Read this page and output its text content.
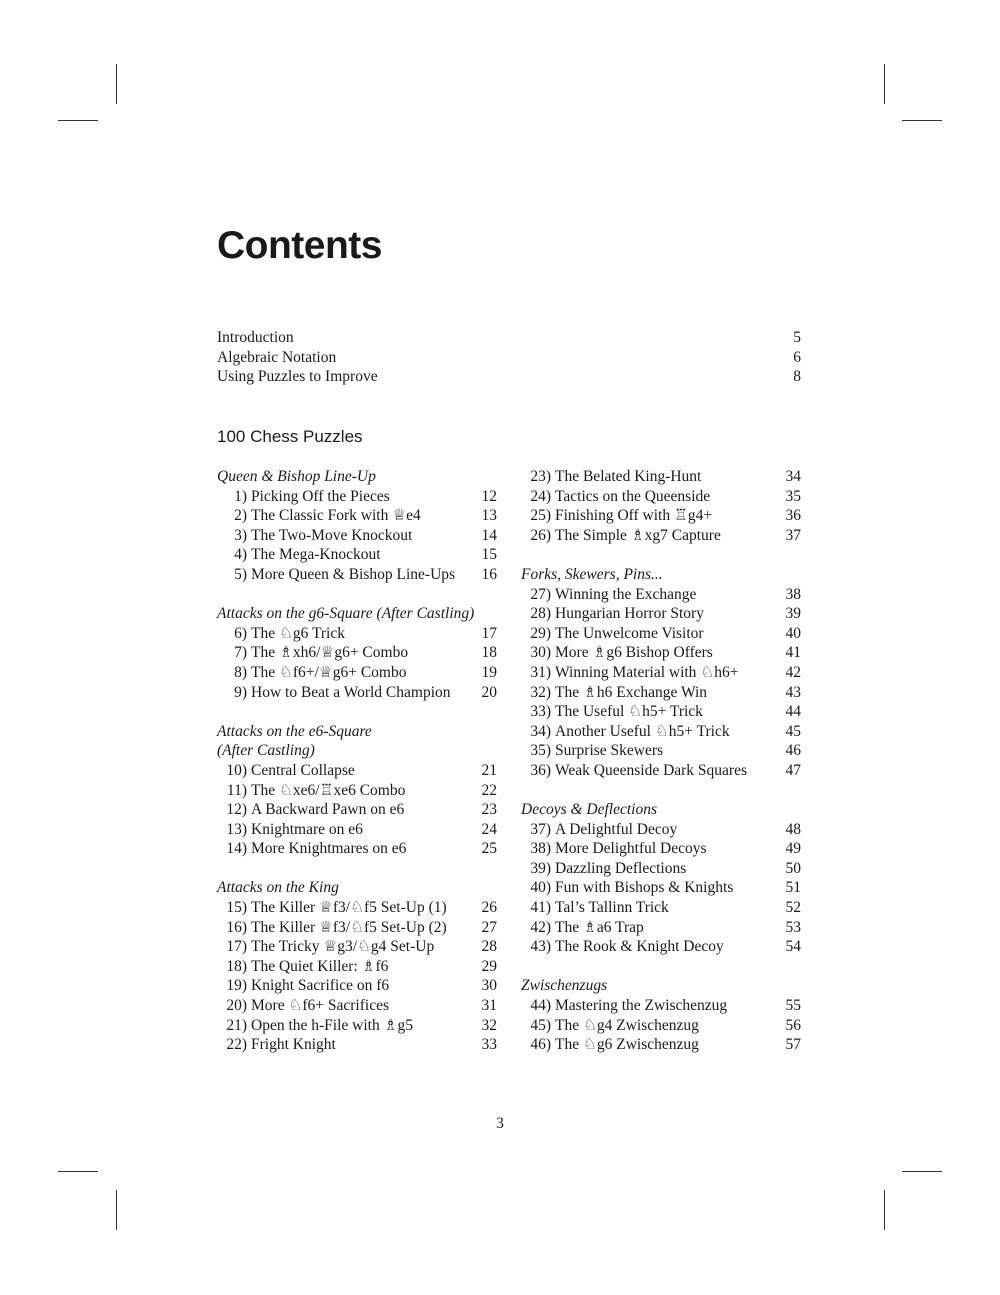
Contents
Introduction	5
Algebraic Notation	6
Using Puzzles to Improve	8
100 Chess Puzzles
Queen & Bishop Line-Up
1) Picking Off the Pieces	12
2) The Classic Fork with ♕e4	13
3) The Two-Move Knockout	14
4) The Mega-Knockout	15
5) More Queen & Bishop Line-Ups 16
Attacks on the g6-Square (After Castling)
6) The ♘g6 Trick	17
7) The ♗xh6/♕g6+ Combo	18
8) The ♘f6+/♕g6+ Combo	19
9) How to Beat a World Champion 20
Attacks on the e6-Square
(After Castling)
10) Central Collapse	21
11) The ♘xe6/♖xe6 Combo	22
12) A Backward Pawn on e6	23
13) Knightmare on e6	24
14) More Knightmares on e6	25
Attacks on the King
15) The Killer ♕f3/♘f5 Set-Up (1) 26
16) The Killer ♕f3/♘f5 Set-Up (2) 27
17) The Tricky ♕g3/♘g4 Set-Up	28
18) The Quiet Killer: ♗f6	29
19) Knight Sacrifice on f6	30
20) More ♘f6+ Sacrifices	31
21) Open the h-File with ♗g5	32
22) Fright Knight	33
23) The Belated King-Hunt	34
24) Tactics on the Queenside	35
25) Finishing Off with ♖g4+	36
26) The Simple ♗xg7 Capture	37
Forks, Skewers, Pins...
27) Winning the Exchange	38
28) Hungarian Horror Story	39
29) The Unwelcome Visitor	40
30) More ♗g6 Bishop Offers	41
31) Winning Material with ♘h6+	42
32) The ♗h6 Exchange Win	43
33) The Useful ♘h5+ Trick	44
34) Another Useful ♘h5+ Trick	45
35) Surprise Skewers	46
36) Weak Queenside Dark Squares 47
Decoys & Deflections
37) A Delightful Decoy	48
38) More Delightful Decoys	49
39) Dazzling Deflections	50
40) Fun with Bishops & Knights	51
41) Tal’s Tallinn Trick	52
42) The ♗a6 Trap	53
43) The Rook & Knight Decoy	54
Zwischenzugs
44) Mastering the Zwischenzug	55
45) The ♘g4 Zwischenzug	56
46) The ♘g6 Zwischenzug	57
3
